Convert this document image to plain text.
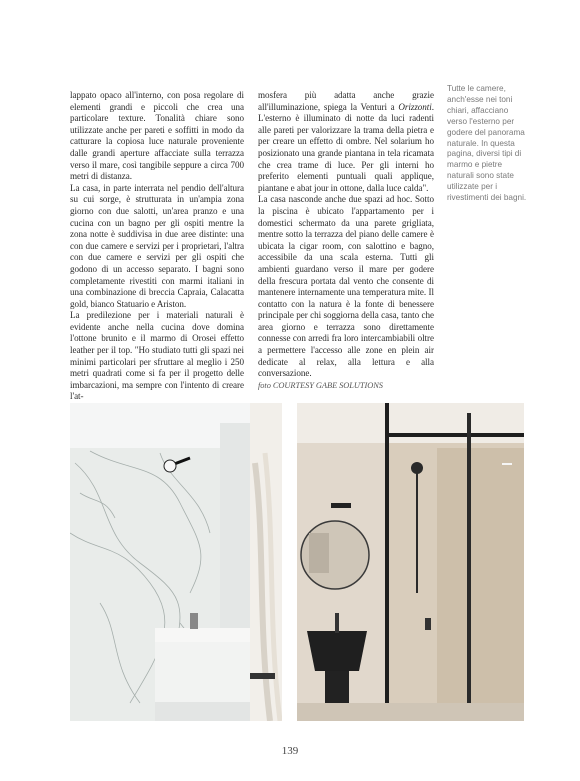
lappato opaco all'interno, con posa regolare di elementi grandi e piccoli che crea una particolare texture. Tonalità chiare sono utilizzate anche per pareti e soffitti in modo da catturare la copiosa luce naturale proveniente dalle grandi aperture affacciate sulla terrazza verso il mare, così tangibile seppure a circa 700 metri di distanza.

La casa, in parte interrata nel pendio dell'altura su cui sorge, è strutturata in un'ampia zona giorno con due salotti, un'area pranzo e una cucina con un bagno per gli ospiti mentre la zona notte è suddivisa in due aree distinte: una con due camere e servizi per i proprietari, l'altra con due camere e servizi per gli ospiti che godono di un accesso separato. I bagni sono completamente rivestiti con marmi italiani in una combinazione di breccia Capraia, Calacatta gold, bianco Statuario e Ariston.

La predilezione per i materiali naturali è evidente anche nella cucina dove domina l'ottone brunito e il marmo di Orosei effetto leather per il top. "Ho studiato tutti gli spazi nei minimi particolari per sfruttare al meglio i 250 metri quadrati come si fa per il progetto delle imbarcazioni, ma sempre con l'intento di creare l'at-

mosfera più adatta anche grazie all'illuminazione, spiega la Venturi a Orizzonti. L'esterno è illuminato di notte da luci radenti alle pareti per valorizzare la trama della pietra e per creare un effetto di ombre. Nel solarium ho posizionato una grande piantana in tela ricamata che crea trame di luce. Per gli interni ho preferito elementi puntuali quali applique, piantane e abat jour in ottone, dalla luce calda".

La casa nasconde anche due spazi ad hoc. Sotto la piscina è ubicato l'appartamento per i domestici schermato da una parete grigliata, mentre sotto la terrazza del piano delle camere è ubicata la cigar room, con salottino e bagno, accessibile da una scala esterna. Tutti gli ambienti guardano verso il mare per godere della frescura portata dal vento che consente di mantenere internamente una temperatura mite. Il contatto con la natura è la fonte di benessere principale per chi soggiorna della casa, tanto che area giorno e terrazza sono direttamente connesse con arredi fra loro intercambiabili oltre a permettere l'accesso alle zone en plein air dedicate al relax, alla lettura e alla conversazione.

foto COURTESY GABE SOLUTIONS

Tutte le camere, anch'esse nei toni chiari, affacciano verso l'esterno per godere del panorama naturale. In questa pagina, diversi tipi di marmo e pietre naturali sono state utilizzate per i rivestimenti dei bagni.

139
